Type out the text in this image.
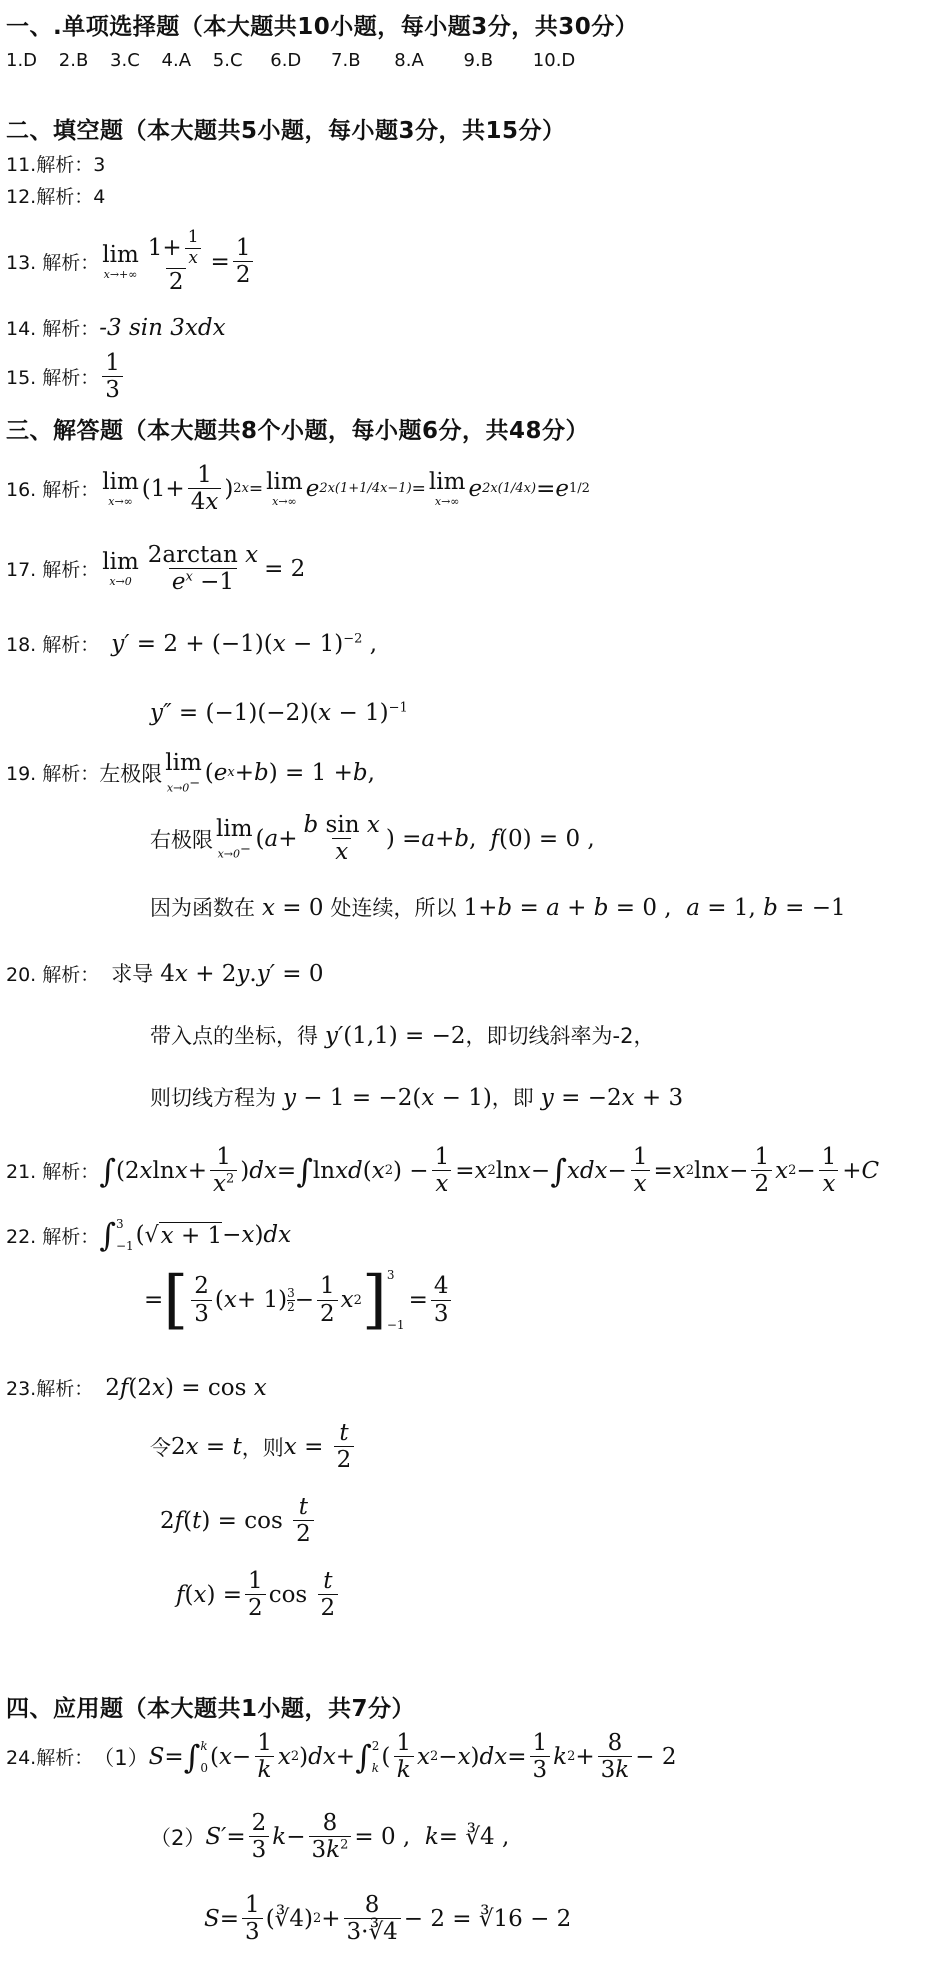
一、.单项选择题（本大题共10小题，每小题3分，共30分）
1.D 2.B 3.C 4.A 5.C 6.D 7.B 8.A 9.B 10.D
二、填空题（本大题共5小题，每小题3分，共15分）
11.解析：3
12.解析：4
13. 解析： lim
x→+∞
1+ 1
x
2
=
1
2
14. 解析：-3 sin 3xdx
15. 解析：
1
3
三、解答题（本大题共8个小题，每小题6分，共48分）
16. 解析： lim
x→∞ (1+
1
4x
) 2x = lim
x→∞ e 2x(1+1/4x−1) = lim
x→∞ e 2x(1/4x) = e 1/2
17. 解析： lim
x→0
2arctan x
$e^x -1$
= 2
18. 解析： $y' = 2 + (-1)(x - 1)^{-2}$ ,
$y'' = (-1)(-2)(x - 1)^{-1}$
19. 解析： 左极限 lim
x→0− ( e x + b ) = 1 + b ,
右极限 lim
x→0− ( a +
b sin x
x
) = a + b , f (0) = 0 ,
因为函数在 x = 0 处连续，所以 1+b = a + b = 0 ,  a = 1, b = −1
20. 解析： 求导 4x + 2y.y′ = 0
带入点的坐标，得 y′(1,1) = −2，即切线斜率为-2，
则切线方程为 y − 1 = −2(x − 1)，即 y = −2x + 3
21. 解析： ∫ (2 x ln x +
1
$x^2$ ) dx = ∫ ln xd ( x 2 ) −
1
x
= x 2 ln x − ∫ xdx −
1
x
= x 2 ln x −
1
2
x 2 −
1
x
+ C
22. 解析： ∫ 3
−1 ( √ x + 1 − x ) dx
= [ 2
3
( x + 1) 3
2 −
1
2
x 2 ] 3
−1
=
4
3
23.解析： 2f(2x) = cos x
令 2x = t ，则 x =
t
2
2 f ( t ) = cos
t
2
f ( x ) =
1
2
cos
t
2
四、应用题（本大题共1小题，共7分）
24.解析： （1） S = ∫ k
0 ( x −
1
k
x 2 ) dx + ∫ 2
k (
1
k
x 2 − x ) dx =
1
3
k 2 +
8
3k
− 2
（2） S′ =
2
3
k −
8
$3k^2 = 0$ , k = ∛4 ,
S =
1
3
(∛4) 2 +
8
3·∛4
− 2 = ∛16 − 2
